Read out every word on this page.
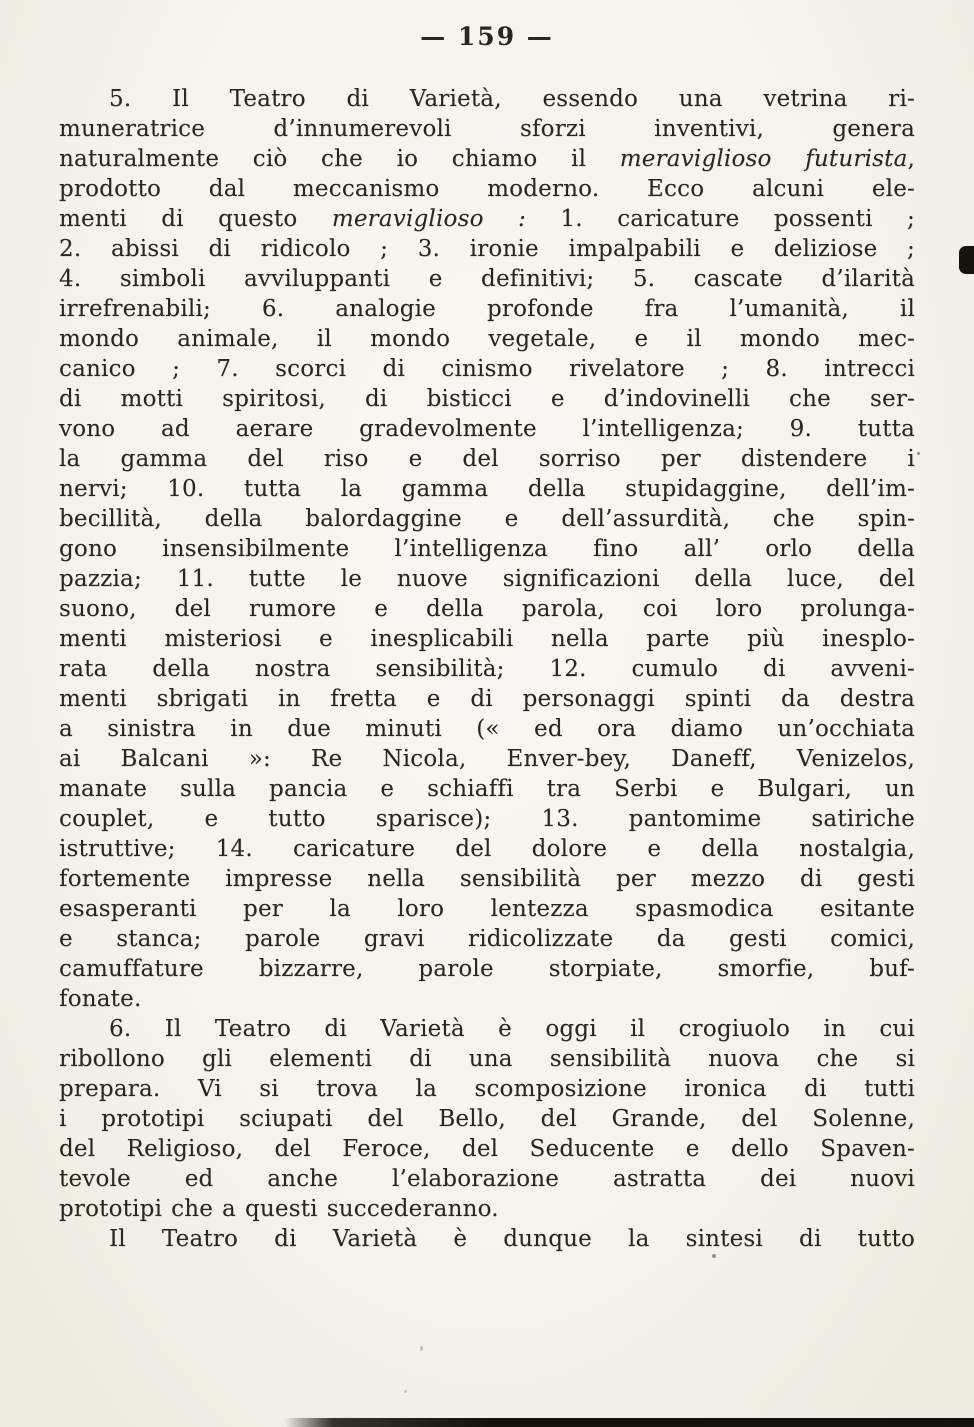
— 159 —

5. Il Teatro di Varietà, essendo una vetrina ri-
muneratrice d’innumerevoli sforzi inventivi, genera
naturalmente ciò che io chiamo il meraviglioso futurista,
prodotto dal meccanismo moderno. Ecco alcuni ele-
menti di questo meraviglioso : 1. caricature possenti ;
2. abissi di ridicolo ; 3. ironie impalpabili e deliziose ;
4. simboli avviluppanti e definitivi; 5. cascate d’ilarità
irrefrenabili; 6. analogie profonde fra l’umanità, il
mondo animale, il mondo vegetale, e il mondo mec-
canico ; 7. scorci di cinismo rivelatore ; 8. intrecci
di motti spiritosi, di bisticci e d’indovinelli che ser-
vono ad aerare gradevolmente l’intelligenza; 9. tutta
la gamma del riso e del sorriso per distendere i
nervi; 10. tutta la gamma della stupidaggine, dell’im-
becillità, della balordaggine e dell’assurdità, che spin-
gono insensibilmente l’intelligenza fino all’ orlo della
pazzia; 11. tutte le nuove significazioni della luce, del
suono, del rumore e della parola, coi loro prolunga-
menti misteriosi e inesplicabili nella parte più inesplo-
rata della nostra sensibilità; 12. cumulo di avveni-
menti sbrigati in fretta e di personaggi spinti da destra
a sinistra in due minuti (« ed ora diamo un’occhiata
ai Balcani »: Re Nicola, Enver-bey, Daneff, Venizelos,
manate sulla pancia e schiaffi tra Serbi e Bulgari, un
couplet, e tutto sparisce); 13. pantomime satiriche
istruttive; 14. caricature del dolore e della nostalgia,
fortemente impresse nella sensibilità per mezzo di gesti
esasperanti per la loro lentezza spasmodica esitante
e stanca; parole gravi ridicolizzate da gesti comici,
camuffature bizzarre, parole storpiate, smorfie, buf-
fonate.

6. Il Teatro di Varietà è oggi il crogiuolo in cui
ribollono gli elementi di una sensibilità nuova che si
prepara. Vi si trova la scomposizione ironica di tutti
i prototipi sciupati del Bello, del Grande, del Solenne,
del Religioso, del Feroce, del Seducente e dello Spaven-
tevole ed anche l’elaborazione astratta dei nuovi
prototipi che a questi succederanno.

Il Teatro di Varietà è dunque la sintesi di tutto
